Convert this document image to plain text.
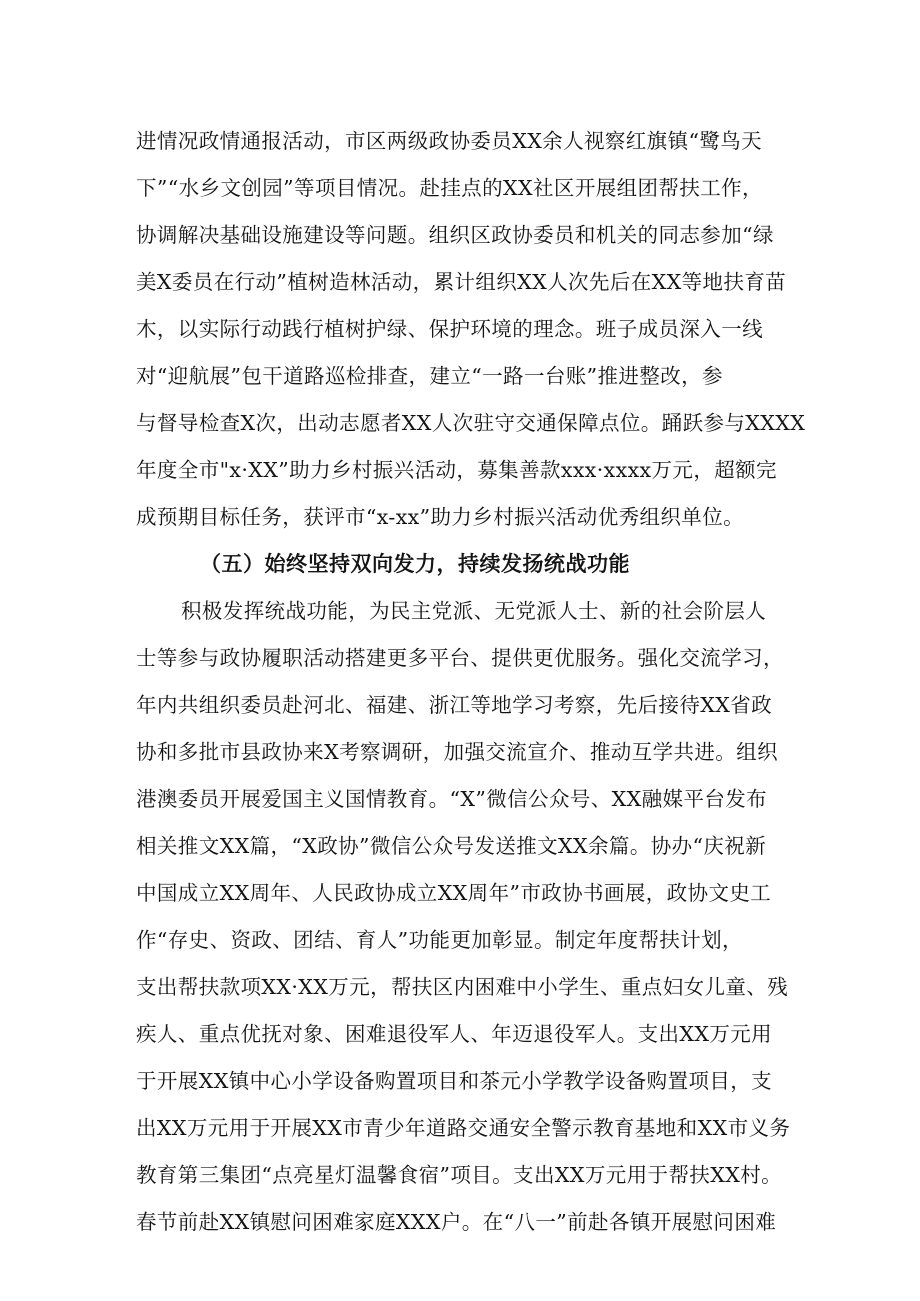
进情况政情通报活动，市区两级政协委员XX余人视察红旗镇“鹭鸟天
下”“水乡文创园”等项目情况。赴挂点的XX社区开展组团帮扶工作，
协调解决基础设施建设等问题。组织区政协委员和机关的同志参加“绿
美X委员在行动”植树造林活动，累计组织XX人次先后在XX等地扶育苗
木，以实际行动践行植树护绿、保护环境的理念。班子成员深入一线
对“迎航展”包干道路巡检排查，建立“一路一台账”推进整改，参
与督导检查X次，出动志愿者XX人次驻守交通保障点位。踊跃参与XXXX
年度全市"x·XX”助力乡村振兴活动，募集善款xxx·xxxx万元，超额完
成预期目标任务，获评市“x-xx”助力乡村振兴活动优秀组织单位。
（五）始终坚持双向发力，持续发扬统战功能
积极发挥统战功能，为民主党派、无党派人士、新的社会阶层人
士等参与政协履职活动搭建更多平台、提供更优服务。强化交流学习，
年内共组织委员赴河北、福建、浙江等地学习考察，先后接待XX省政
协和多批市县政协来X考察调研，加强交流宣介、推动互学共进。组织
港澳委员开展爱国主义国情教育。“X”微信公众号、XX融媒平台发布
相关推文XX篇，“X政协”微信公众号发送推文XX余篇。协办“庆祝新
中国成立XX周年、人民政协成立XX周年”市政协书画展，政协文史工
作“存史、资政、团结、育人”功能更加彰显。制定年度帮扶计划，
支出帮扶款项XX·XX万元，帮扶区内困难中小学生、重点妇女儿童、残
疾人、重点优抚对象、困难退役军人、年迈退役军人。支出XX万元用
于开展XX镇中心小学设备购置项目和茶元小学教学设备购置项目，支
出XX万元用于开展XX市青少年道路交通安全警示教育基地和XX市义务
教育第三集团“点亮星灯温馨食宿”项目。支出XX万元用于帮扶XX村。
春节前赴XX镇慰问困难家庭XXX户。在“八一”前赴各镇开展慰问困难
